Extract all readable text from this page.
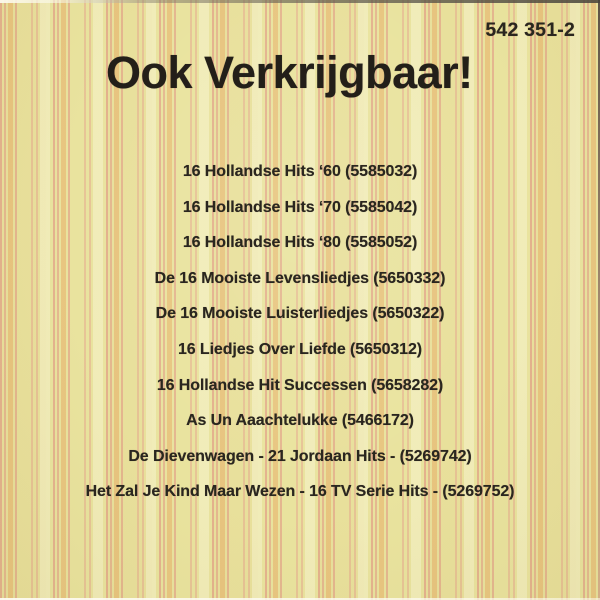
542 351-2
Ook Verkrijgbaar!
16 Hollandse Hits ‘60 (5585032)
16 Hollandse Hits ‘70 (5585042)
16 Hollandse Hits ‘80 (5585052)
De 16 Mooiste Levensliedjes (5650332)
De 16 Mooiste Luisterliedjes (5650322)
16 Liedjes Over Liefde (5650312)
16 Hollandse Hit Successen (5658282)
As Un Aaachtelukke (5466172)
De Dievenwagen - 21 Jordaan Hits - (5269742)
Het Zal Je Kind Maar Wezen - 16 TV Serie Hits - (5269752)
